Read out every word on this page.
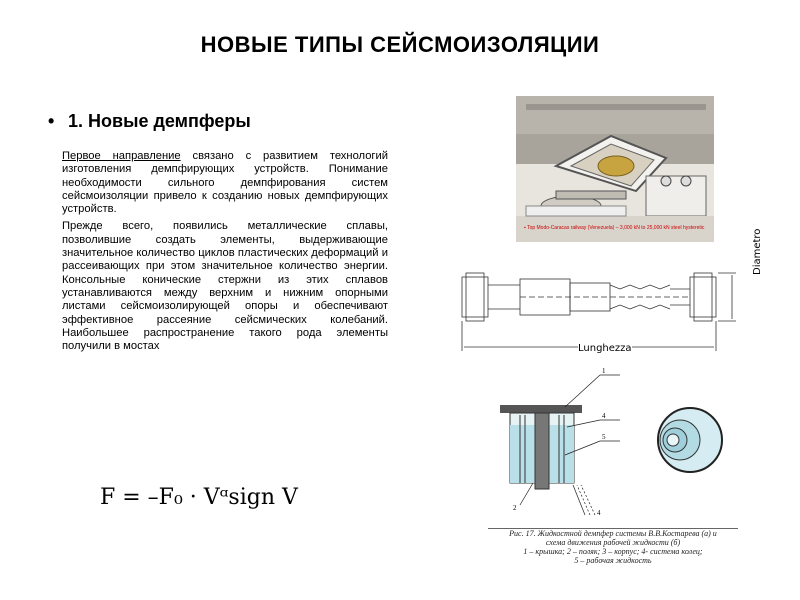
НОВЫЕ ТИПЫ СЕЙСМОИЗОЛЯЦИИ
• 1. Новые демпферы

Первое направление связано с развитием технологий изготовления демпфирующих устройств. Понимание необходимости сильного демпфирования систем сейсмоизоляции привело к созданию новых демпфирующих устройств.

Прежде всего, появились металлические сплавы, позволившие создать элементы, выдерживающие значительное количество циклов пластических деформаций и рассеивающих при этом значительное количество энергии. Консольные конические стержни из этих сплавов устанавливаются между верхним и нижним опорными листами сейсмоизолирующей опоры и обеспечивают эффективное рассеяние сейсмических колебаний. Наибольшее распространение такого рода элементы получили в мостах

F = –F₀ · Vᵅsign V
▪ Top Modo-Caracas railway (Venezuela) – 3,000 kN to 25,000 kN steel hysteretic
Lunghezza
Diametro
1
4
5
2
4
Рис. 17. Жидкостной демпфер системы В.В.Костарева (а) и
схема движения рабочей жидкости (б)
1 – крышка; 2 – поляк; 3 – корпус; 4- система колец;
5 – рабочая жидкость
